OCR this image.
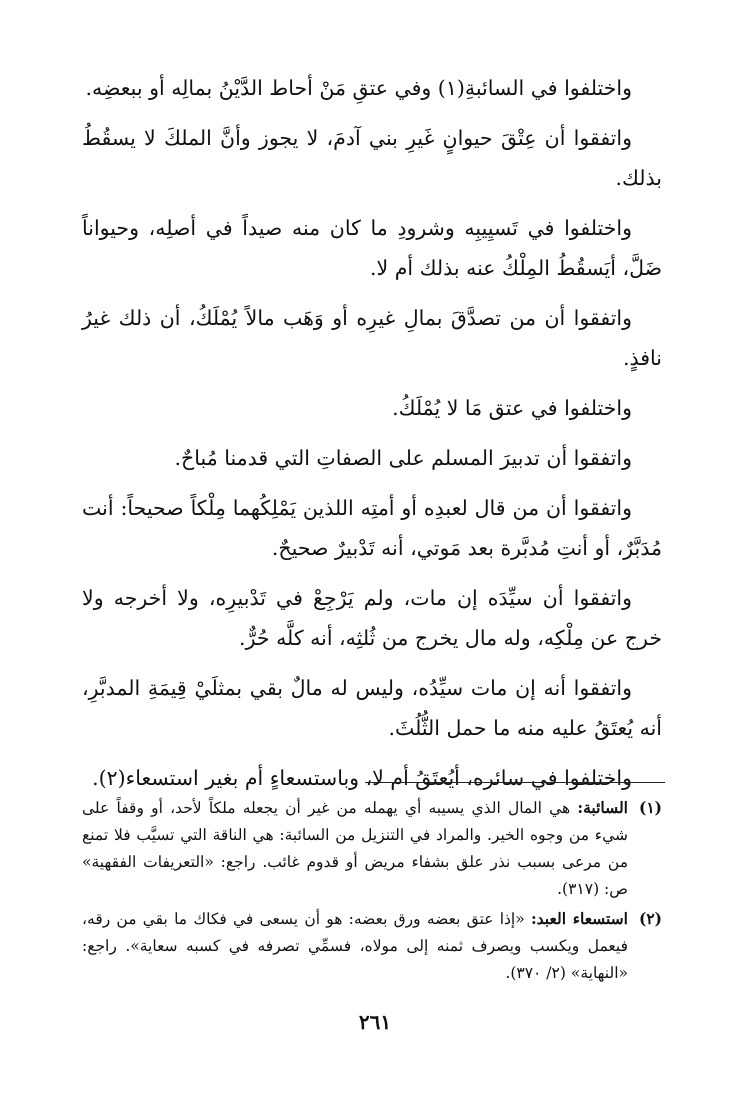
واختلفوا في السائبةِ(١) وفي عتقِ مَنْ أحاط الدَّيْنُ بمالِه أو ببعضِه.

واتفقوا أن عِتْقَ حيوانٍ غَيرِ بني آدمَ، لا يجوز وأنَّ الملكَ لا يسقُطُ بذلك.

واختلفوا في تَسيِيبِه وشرودِ ما كان منه صيداً في أصلِه، وحيواناً ضَلَّ، أيَسقُطُ المِلْكُ عنه بذلك أم لا.

واتفقوا أن من تصدَّقَ بمالِ غيرِه أو وَهَب مالاً يُمْلَكُ، أن ذلك غيرُ نافذٍ.

واختلفوا في عتق مَا لا يُمْلَكُ.

واتفقوا أن تدبيرَ المسلم على الصفاتِ التي قدمنا مُباحٌ.

واتفقوا أن من قال لعبدِه أو أمتِه اللذين يَمْلِكُهما مِلْكاً صحيحاً: أنت مُدَبَّرٌ، أو أنتِ مُدبَّرة بعد مَوتي، أنه تَدْبيرٌ صحيحٌ.

واتفقوا أن سيِّدَه إن مات، ولم يَرْجِعْ في تَدْبيرِه، ولا أخرجه ولا خرج عن مِلْكِه، وله مال يخرج من ثُلثِه، أنه كلَّه حُرٌّ.

واتفقوا أنه إن مات سيِّدُه، وليس له مالٌ بقي بمثلَيْ قِيمَةِ المدبَّرِ، أنه يُعتَقُ عليه منه ما حمل الثُّلُثَ.

واختلفوا في سائره، أيُعتَقُ أم لا، وباستسعاءٍ أم بغير استسعاء(٢).

(١)
السائبة: هي المال الذي يسيبه أي يهمله من غير أن يجعله ملكاً لأحد، أو وقفاً على شيء من وجوه الخير. والمراد في التنزيل من السائبة: هي الناقة التي تسيَّب فلا تمنع من مرعى بسبب نذر علق بشفاء مريض أو قدوم غائب. راجع: «التعريفات الفقهية» ص: (٣١٧).
(٢)
استسعاء العبد: «إذا عتق بعضه ورق بعضه: هو أن يسعى في فكاك ما بقي من رقه، فيعمل ويكسب ويصرف ثمنه إلى مولاه، فسمِّي تصرفه في كسبه سعاية». راجع: «النهاية» (٢/ ٣٧٠).
٢٦١
